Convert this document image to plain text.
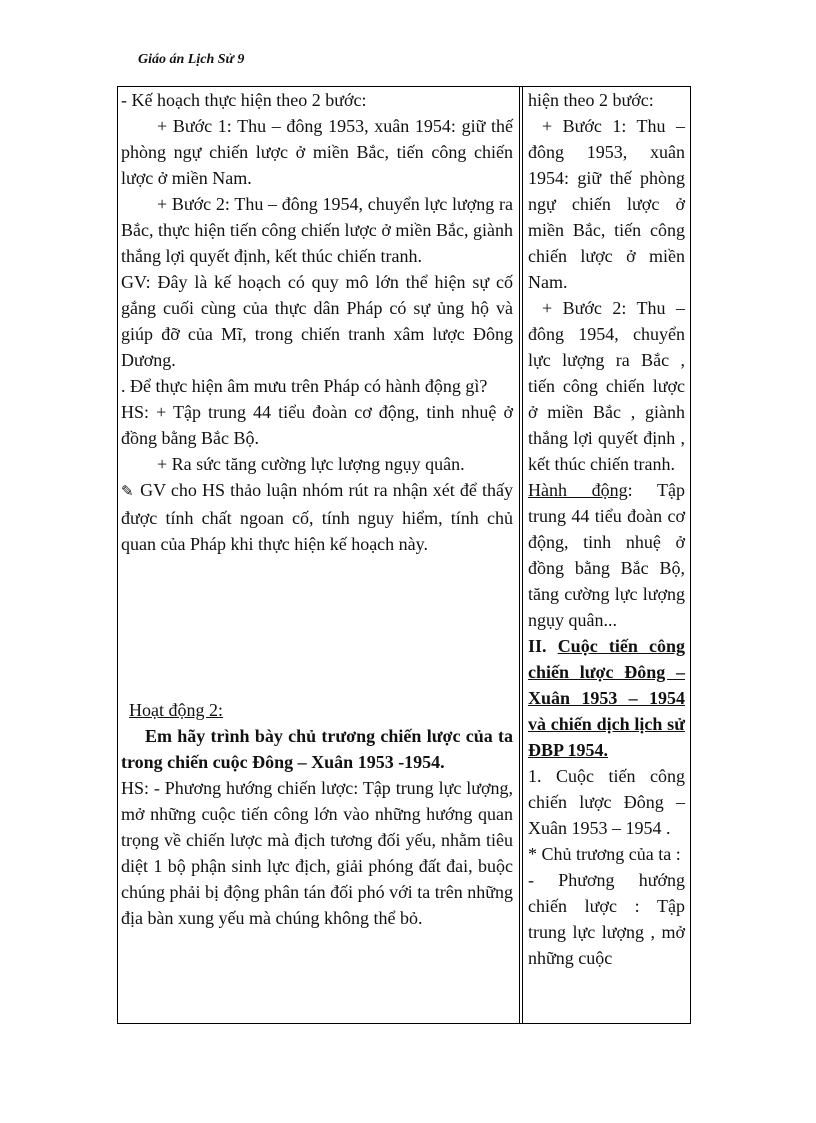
Giáo án Lịch Sử 9

- Kế hoạch thực hiện theo 2 bước:

+ Bước 1: Thu – đông 1953, xuân 1954: giữ thế phòng ngự chiến lược ở miền Bắc, tiến công chiến lược ở miền Nam.

+ Bước 2: Thu – đông 1954, chuyển lực lượng ra Bắc, thực hiện tiến công chiến lược ở miền Bắc, giành thắng lợi quyết định, kết thúc chiến tranh.

GV: Đây là kế hoạch có quy mô lớn thể hiện sự cố gắng cuối cùng của thực dân Pháp có sự ủng hộ và giúp đỡ của Mĩ, trong chiến tranh xâm lược Đông Dương.

. Để thực hiện âm mưu trên Pháp có hành động gì?

HS: + Tập trung 44 tiểu đoàn cơ động, tinh nhuệ ở đồng bằng Bắc Bộ.

+ Ra sức tăng cường lực lượng ngụy quân.

✎ GV cho HS thảo luận nhóm rút ra nhận xét để thấy được tính chất ngoan cố, tính nguy hiểm, tính chủ quan của Pháp khi thực hiện kế hoạch này.

Hoạt động 2:

Em hãy trình bày chủ trương chiến lược của ta trong chiến cuộc Đông – Xuân 1953 -1954.

HS: - Phương hướng chiến lược: Tập trung lực lượng, mở những cuộc tiến công lớn vào những hướng quan trọng về chiến lược mà địch tương đối yếu, nhằm tiêu diệt 1 bộ phận sinh lực địch, giải phóng đất đai, buộc chúng phải bị động phân tán đối phó với ta trên những địa bàn xung yếu mà chúng không thể bỏ.

hiện theo 2 bước:

+ Bước 1: Thu – đông 1953, xuân 1954: giữ thế phòng ngự chiến lược ở miền Bắc, tiến công chiến lược ở miền Nam.

+ Bước 2: Thu – đông 1954, chuyển lực lượng ra Bắc , tiến công chiến lược ở miền Bắc , giành thắng lợi quyết định , kết thúc chiến tranh.

Hành động: Tập trung 44 tiểu đoàn cơ động, tinh nhuệ ở đồng bằng Bắc Bộ, tăng cường lực lượng ngụy quân...

II. Cuộc tiến công chiến lược Đông – Xuân 1953 – 1954 và chiến dịch lịch sử ĐBP 1954.

1. Cuộc tiến công chiến lược Đông – Xuân 1953 – 1954 .

* Chủ trương của ta :

- Phương hướng chiến lược : Tập trung lực lượng , mở những cuộc
